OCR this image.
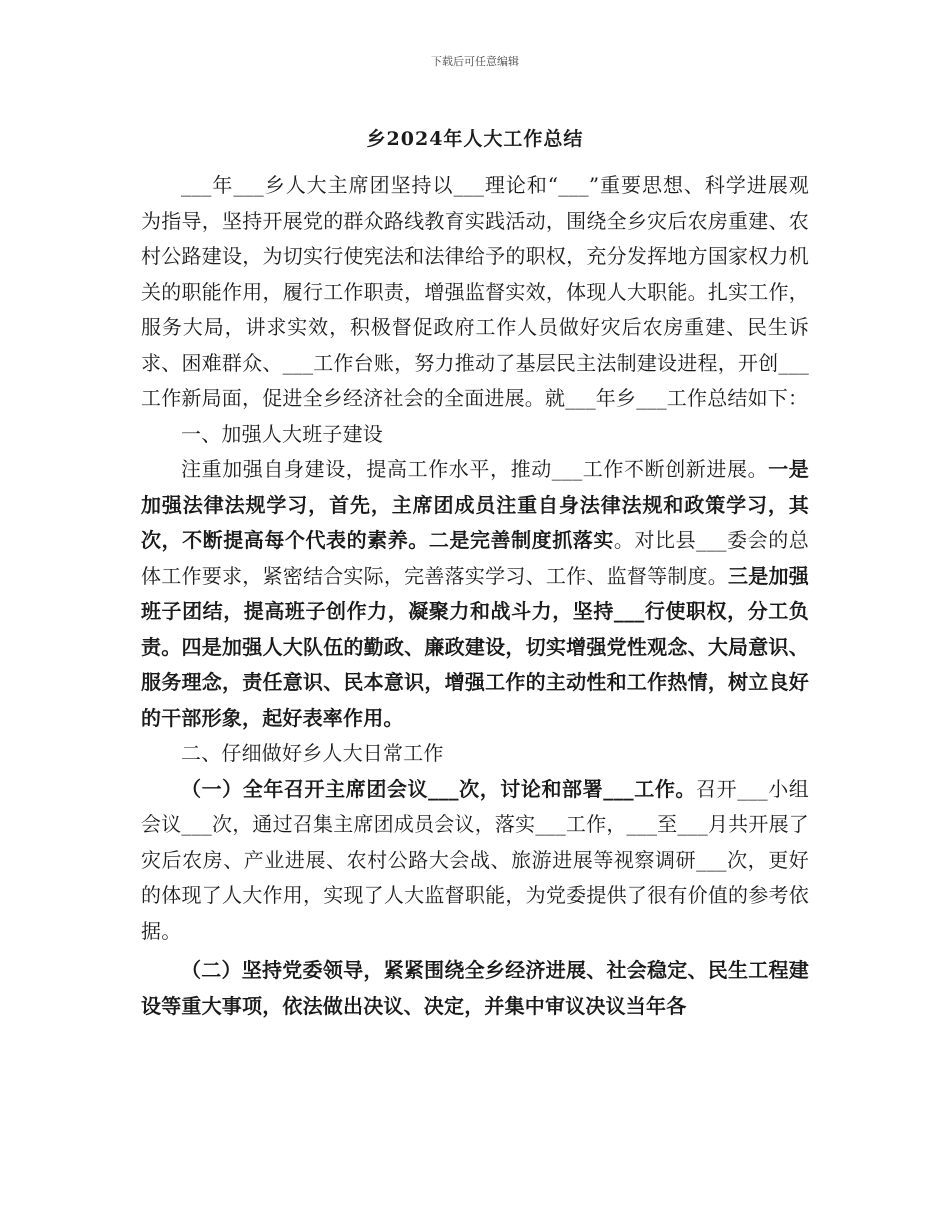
下载后可任意编辑
乡2024年人大工作总结

___年___乡人大主席团坚持以___理论和“___”重要思想、科学进展观为指导，坚持开展党的群众路线教育实践活动，围绕全乡灾后农房重建、农村公路建设，为切实行使宪法和法律给予的职权，充分发挥地方国家权力机关的职能作用，履行工作职责，增强监督实效，体现人大职能。扎实工作，服务大局，讲求实效，积极督促政府工作人员做好灾后农房重建、民生诉求、困难群众、___工作台账，努力推动了基层民主法制建设进程，开创___工作新局面，促进全乡经济社会的全面进展。就___年乡___工作总结如下：

一、加强人大班子建设

注重加强自身建设，提高工作水平，推动___工作不断创新进展。一是加强法律法规学习，首先，主席团成员注重自身法律法规和政策学习，其次，不断提高每个代表的素养。二是完善制度抓落实。对比县___委会的总体工作要求，紧密结合实际，完善落实学习、工作、监督等制度。三是加强班子团结，提高班子创作力，凝聚力和战斗力，坚持___行使职权，分工负责。四是加强人大队伍的勤政、廉政建设，切实增强党性观念、大局意识、服务理念，责任意识、民本意识，增强工作的主动性和工作热情，树立良好的干部形象，起好表率作用。

二、仔细做好乡人大日常工作

（一）全年召开主席团会议___次，讨论和部署___工作。召开___小组会议___次，通过召集主席团成员会议，落实___工作，___至___月共开展了灾后农房、产业进展、农村公路大会战、旅游进展等视察调研___次，更好的体现了人大作用，实现了人大监督职能，为党委提供了很有价值的参考依据。

（二）坚持党委领导，紧紧围绕全乡经济进展、社会稳定、民生工程建设等重大事项，依法做出决议、决定，并集中审议决议当年各
